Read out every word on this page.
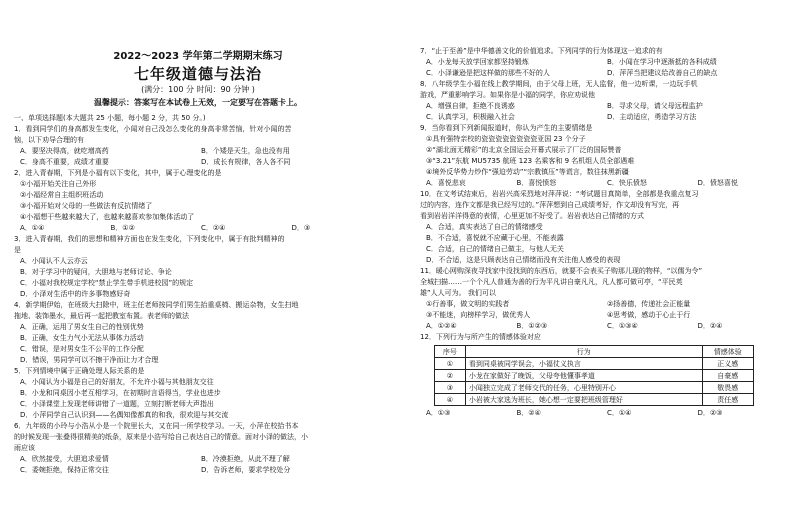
2022～2023 学年第二学期期末练习
七年级道德与法治
(满分：100 分 时间：90 分钟 )
温馨提示：答案写在本试卷上无效，一定要写在答题卡上。
一、单项选择题(本大题共 25 小题，每小题 2 分，共 50 分。)
1．看到同学们的身高都发生变化，小闻对自己没怎么变化的身高非常苦恼，针对小闻的苦
恼，以下劝导合理的有
A．要坚决得高，就吃增高药	B．个矮是天生，急也没有用
C．身高不重要，成绩才重要	D．成长有规律，各人各不同
2．进入青春期，下列是小福有以下变化，其中，属于心理变化的是
①小福开始关注自己外形
②小福经常自主组织班活动
③小福开始对父母的一些做法有反抗情绪了
④小福想干些越来越大了，也越来越喜欢参加集体活动了
A．①④	B．①②	C．②④	D．③
3．进入青春期，我们的思想和精神方面也在发生变化，下列变化中，属于有批判精神的
是
A．小闻认不人云亦云
B．对于学习中的疑问，大胆地与老师讨论、争论
C．小福对我校规定学校“禁止学生带手机进校园”的规定
D．小泽对生活中的许多事物感好奇
4．新学期伊始，在班级大扫除中，班主任老师按同学们男生抬重桌椅、搬运杂物，女生扫地
拖地、装饰墨水，最后再一起把教室布置。表老师的做法
A．正确，运用了男女生自己的性别优势
B．正确，女生力气小无法从事体力活动
C．错误，是对男女生不公平的工作分配
D．错误，男同学可以不擦干净而让力才合理
5．下列情境中属于正确处理人际关系的是
A．小闻认为小福是自己的好朋友，不允许小福与其他朋友交往
B．小龙和同桌因小老互相学习，在初期时言语得当，学业也进步
C．小泽课堂上发现老师讲错了一道题，立刻打断老师大声指出
D．小萍同学自己认识到——名偶知像都真的和我，很欢迎与其交流
6．九年级的小玲与小浩从小是一个院里长大，又在同一所学校学习。一天，小萍在校拾书本
的时候发现一张叠得很精美的纸条，原来是小浩写给自己表达自己的情意。面对小泽的做法，小
雨应该
A．欣然接受，大胆追求爱情	B．冷漠拒绝，从此不理了解
C．委婉拒绝，保持正常交往	D．告诉老师，要求学校处分
7．“止于至善”是中华德善文化的价值追求。下列同学的行为体现这一追求的有
A．小龙每天放学回家都坚持锻炼	B．小闻在学习中逐渐抵的各科成绩
C．小泽谦逊是把这样做的那些不好的人	D．萍萍当把建议给改善自己的缺点
8．八年级学生小福在线上教学期间，由于父母上班，无人监督，他一边听课，一边玩手机
游戏，严重影响学习。如果你是小福的同学，你应劝说他
A．增强自律，拒绝不良诱惑	B．寻求父母，请父母远程监护
C．认真学习，积极融入社会	D．主动适应，勇造学习方法
9．当你看到下列新闻报道时，你认为产生的主要情绪是
①具有强特亲校的瓷瓷瓷瓷瓷瓷瓷瓷亚国 23 个分子
②“湖北面无精彩”的北京全国运会开幕式展示了厂泛的国际赞普
③“3.21”东航 MU5735 航班 123 名乘客和 9 名机组人员全部遇难
④境外反华势力炒作“强迫劳动”“宗教镇压”等谎言，数往抹黑新疆
A．喜悦悲哀	B．喜悦愤怒	C．快乐愤怒	D．愤怒喜悦
10．在文考试结束后，岩岩兴高采烈地对萍萍说：“考试题目真简单，全部都是我重点复习
过的内容，连作文都是我已经写过的。”萍萍想到自己成绩考好，作文却没有写完，再
看到岩岩洋洋得意的表情，心里更加不好受了。岩岩表达自己情绪的方式
A．合适，真实表达了自己的情绪感受
B．不合适，喜悦就不应藏于心里，不能表露
C．合适，自己的情绪自己做主，与他人无关
D．不合适，这是只顾表达自己情绪而没有关注他人感受的表现
11．暖心网购深夜寻找家中没找到的东西后，就要不会表买子购那儿现的物样，“以儒为令”
全城扫描……一个个凡人普通为善的行为平凡讲自豪凡凡，凡人都可做可亭，“平民英
雄”人人可为。 我们可以
①行善事，做文明的实践者	②扬善德，传递社会正能量
③不能迷，向榜样学习，做优秀人	④思考做，感动于心止于行
A．①②④	B．①②③	C．①③④	D．②④
12．下列行为与所产生的情感体验对应
序号	行为	情感体验
①	看到同桌被同学误会，小福仗义执言	正义感
②	小龙在家做好了晚饭，父母夸他懂事孝道	自豪感
③	小闻独立完成了老师交代的任务，心里特别开心	敬畏感
④	小岩被大家选为班长，她心想一定要把班级管理好	责任感
A．①③	B．②④	C．①④	D．②③
